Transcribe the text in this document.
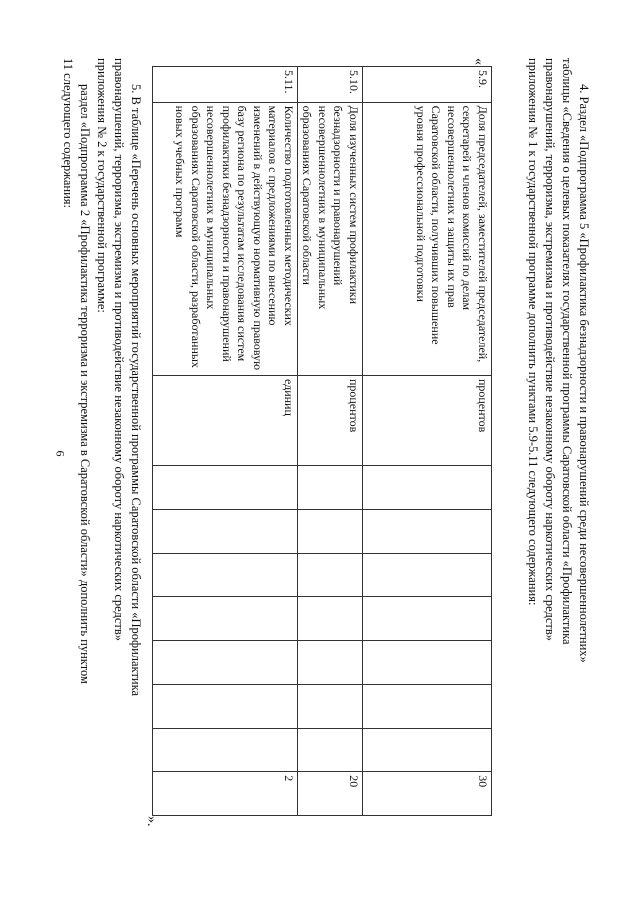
6	4. Раздел «Подпрограмма 5 «Профилактика безнадзорности и правонарушений среди несовершеннолетних»
таблицы «Сведения о целевых показателях государственной программы Саратовской области «Профилактика
правонарушений, терроризма, экстремизма и противодействие незаконному обороту наркотических средств»
приложения № 1 к государственной программе дополнить пунктами 5.9-5.11 следующего содержания:
«
5.9.	Доля председателей, заместителей председателей, секретарей и членов комиссий по делам несовершеннолетних и защиты их прав Саратовской области, получивших повышение уровня профессиональной подготовки	процентов								30
5.10.	Доля изученных систем профилактики безнадзорности и правонарушений несовершеннолетних в муниципальных образованиях Саратовской области	процентов								20
5.11.	Количество подготовленных методических материалов с предложениями по внесению изменений в действующую нормативную правовую базу региона по результатам исследования систем профилактики безнадзорности и правонарушений несовершеннолетних в муниципальных образованиях Саратовской области, разработанных новых учебных программ	единиц								2
».
5. В таблице «Перечень основных мероприятий государственной программы Саратовской области «Профилактика
правонарушений, терроризма, экстремизма и противодействие незаконному обороту наркотических средств»
приложения № 2 к государственной программе:
раздел «Подпрограмма 2 «Профилактика терроризма и экстремизма в Саратовской области» дополнить пунктом
11 следующего содержания:
